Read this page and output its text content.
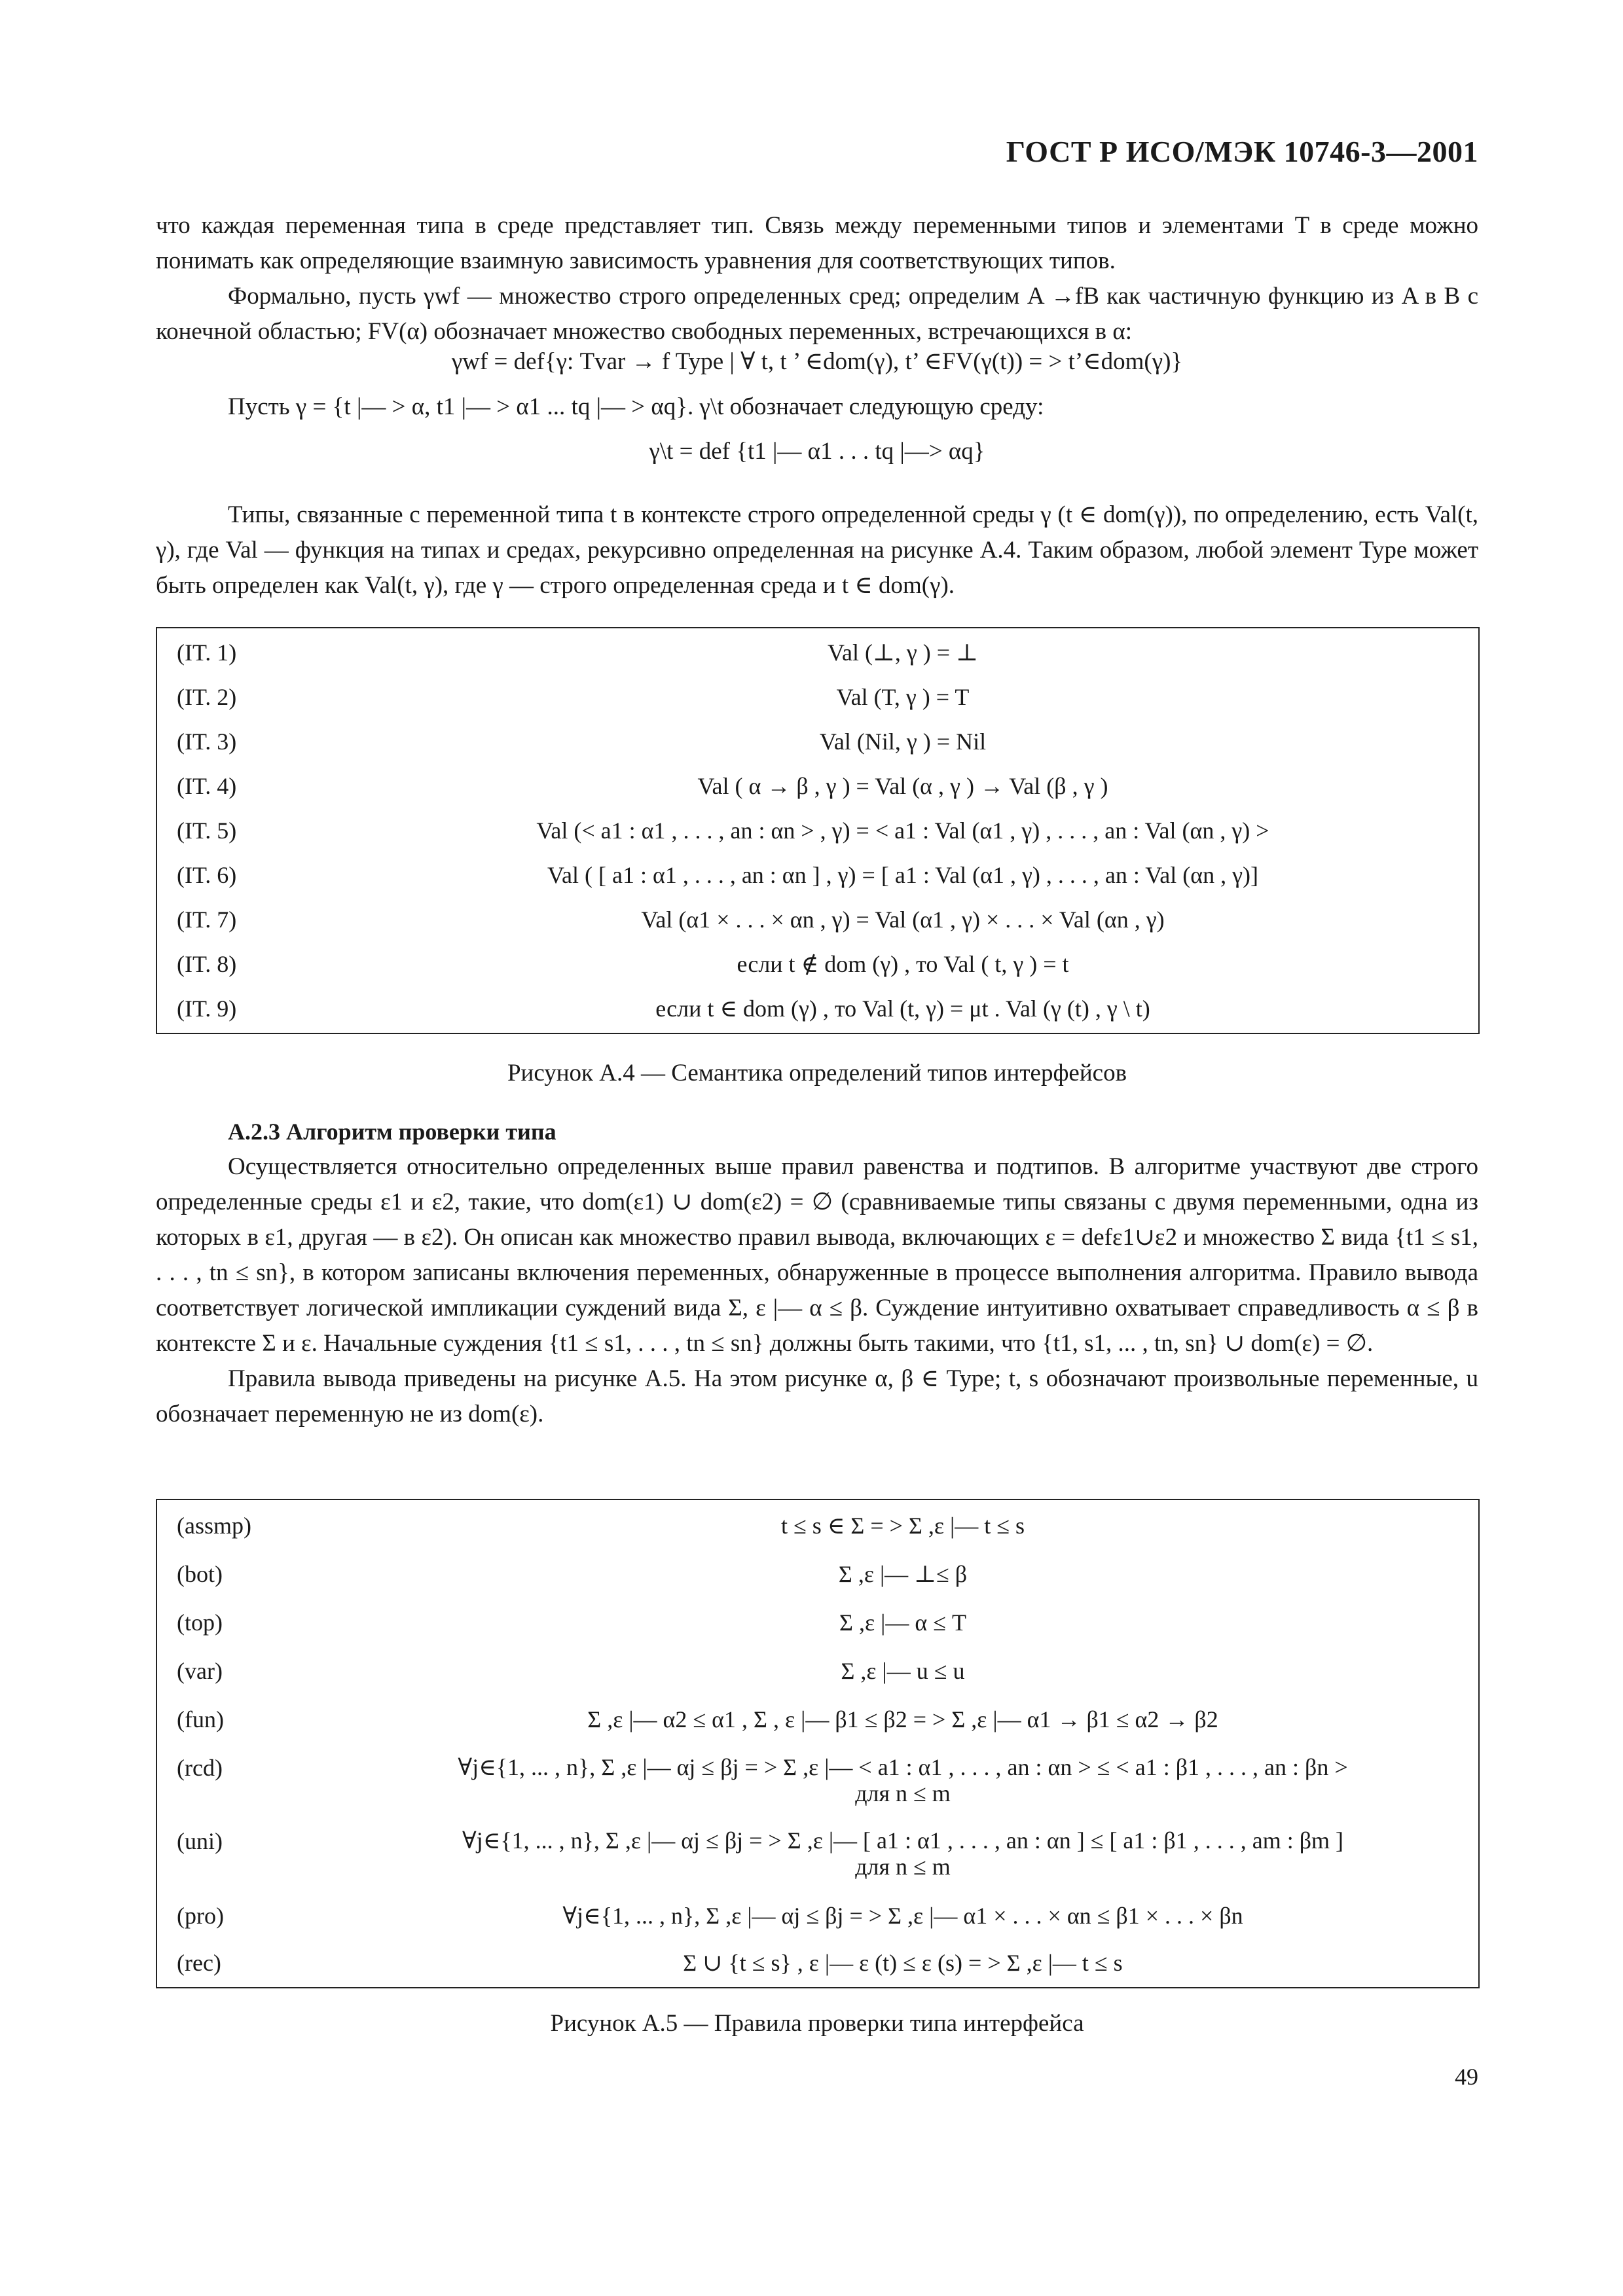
ГОСТ Р ИСО/МЭК 10746-3—2001
что каждая переменная типа в среде представляет тип. Связь между переменными типов и элементами T в среде можно понимать как определяющие взаимную зависимость уравнения для соответствующих типов.
Формально, пусть γwf — множество строго определенных сред; определим A →fB как частичную функцию из A в B с конечной областью; FV(α) обозначает множество свободных переменных, встречающихся в α:
γwf = def{γ: Tvar → f Type | ∀ t, t ’ ∈dom(γ), t’ ∈FV(γ(t)) = > t’∈dom(γ)}
Пусть γ = {t |— > α, t1 |— > α1 ... tq |— > αq}. γ\t обозначает следующую среду:
γ\t = def {t1 |— α1 . . . tq |—> αq}
Типы, связанные с переменной типа t в контексте строго определенной среды γ (t ∈ dom(γ)), по определению, есть Val(t, γ), где Val — функция на типах и средах, рекурсивно определенная на рисунке А.4. Таким образом, любой элемент Type может быть определен как Val(t, γ), где γ — строго определенная среда и t ∈ dom(γ).
(IT. 1)	Val (⊥, γ ) = ⊥
(IT. 2)	Val (T, γ ) = T
(IT. 3)	Val (Nil, γ ) = Nil
(IT. 4)	Val ( α → β , γ ) = Val (α , γ ) → Val (β , γ )
(IT. 5)	Val (< a1 : α1 , . . . , an : αn > , γ) = < a1 : Val (α1 , γ) , . . . , an : Val (αn , γ) >
(IT. 6)	Val ( [ a1 : α1 , . . . , an : αn ] , γ) = [ a1 : Val (α1 , γ) , . . . , an : Val (αn , γ)]
(IT. 7)	Val (α1 × . . . × αn , γ) = Val (α1 , γ) × . . . × Val (αn , γ)
(IT. 8)	если t ∉ dom (γ) , то Val ( t, γ ) = t
(IT. 9)	если t ∈ dom (γ) , то Val (t, γ) = μt . Val (γ (t) , γ \ t)
Рисунок А.4 — Семантика определений типов интерфейсов
А.2.3 Алгоритм проверки типа
Осуществляется относительно определенных выше правил равенства и подтипов. В алгоритме участвуют две строго определенные среды ε1 и ε2, такие, что dom(ε1) ∪ dom(ε2) = ∅ (сравниваемые типы связаны с двумя переменными, одна из которых в ε1, другая — в ε2). Он описан как множество правил вывода, включающих ε = defε1∪ε2 и множество Σ вида {t1 ≤ s1, . . . , tn ≤ sn}, в котором записаны включения переменных, обнаруженные в процессе выполнения алгоритма. Правило вывода соответствует логической импликации суждений вида Σ, ε |— α ≤ β. Суждение интуитивно охватывает справедливость α ≤ β в контексте Σ и ε. Начальные суждения {t1 ≤ s1, . . . , tn ≤ sn} должны быть такими, что {t1, s1, ... , tn, sn} ∪ dom(ε) = ∅.
Правила вывода приведены на рисунке А.5. На этом рисунке α, β ∈ Type; t, s обозначают произвольные переменные, u обозначает переменную не из dom(ε).
(assmp)	t ≤ s ∈ Σ = > Σ ,ε |— t ≤ s
(bot)	Σ ,ε |— ⊥≤ β
(top)	Σ ,ε |— α ≤ T
(var)	Σ ,ε |— u ≤ u
(fun)	Σ ,ε |— α2 ≤ α1 , Σ , ε |— β1 ≤ β2 = > Σ ,ε |— α1 → β1 ≤ α2 → β2
(rcd)	∀j∈{1, ... , n}, Σ ,ε |— αj ≤ βj = > Σ ,ε |— < a1 : α1 , . . . , an : αn > ≤ < a1 : β1 , . . . , an : βn >
для n ≤ m
(uni)	∀j∈{1, ... , n}, Σ ,ε |— αj ≤ βj = > Σ ,ε |— [ a1 : α1 , . . . , an : αn ] ≤ [ a1 : β1 , . . . , am : βm ]
для n ≤ m
(pro)	∀j∈{1, ... , n}, Σ ,ε |— αj ≤ βj = > Σ ,ε |— α1 × . . . × αn ≤ β1 × . . . × βn
(rec)	Σ ∪ {t ≤ s} , ε |— ε (t) ≤ ε (s) = > Σ ,ε |— t ≤ s
Рисунок А.5 — Правила проверки типа интерфейса
49
